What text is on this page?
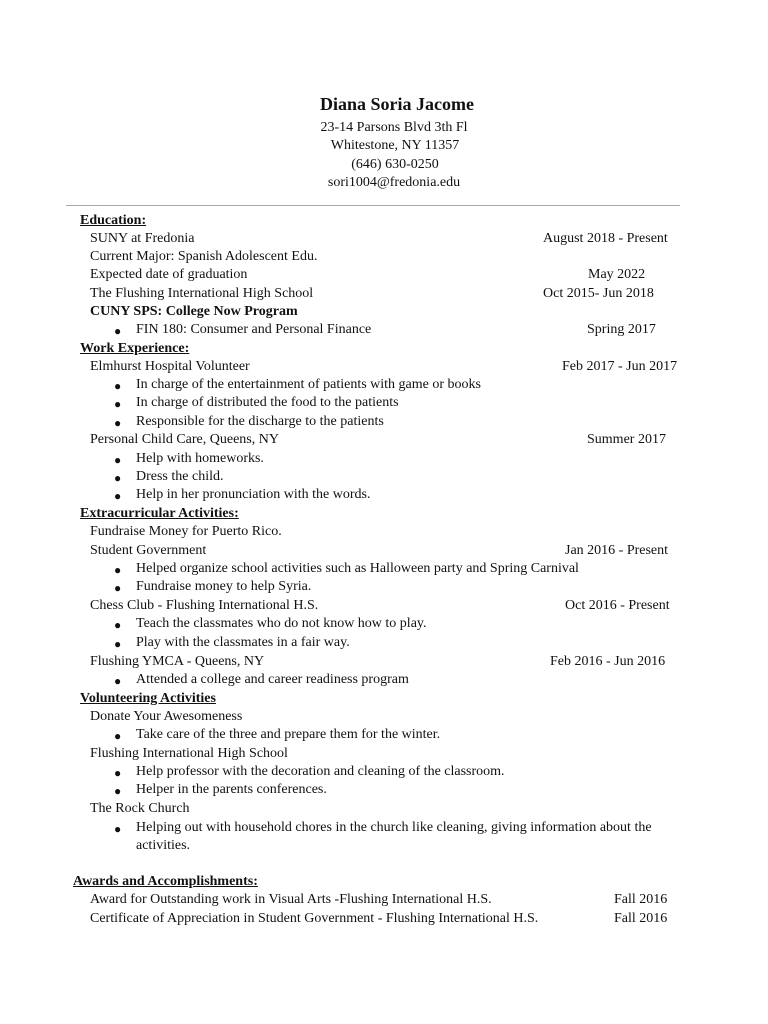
Diana Soria Jacome
23-14 Parsons Blvd 3th Fl
Whitestone, NY 11357
(646) 630-0250
sori1004@fredonia.edu
Education:
SUNY at Fredonia	August 2018 - Present
Current Major: Spanish Adolescent Edu.
Expected date of graduation	May 2022
The Flushing International High School	Oct 2015- Jun 2018
CUNY SPS: College Now Program
● FIN 180: Consumer and Personal Finance	Spring 2017
Work Experience:
Elmhurst Hospital Volunteer	Feb 2017 - Jun 2017
● In charge of the entertainment of patients with game or books
● In charge of distributed the food to the patients
● Responsible for the discharge to the patients
Personal Child Care, Queens, NY	Summer 2017
● Help with homeworks.
● Dress the child.
● Help in her pronunciation with the words.
Extracurricular Activities:
Fundraise Money for Puerto Rico.
Student Government	Jan 2016 - Present
● Helped organize school activities such as Halloween party and Spring Carnival
● Fundraise money to help Syria.
Chess Club - Flushing International H.S.	Oct 2016 - Present
● Teach the classmates who do not know how to play.
● Play with the classmates in a fair way.
Flushing YMCA - Queens, NY	Feb 2016 - Jun 2016
● Attended a college and career readiness program
Volunteering Activities
Donate Your Awesomeness
● Take care of the three and prepare them for the winter.
Flushing International High School
● Help professor with the decoration and cleaning of the classroom.
● Helper in the parents conferences.
The Rock Church
● Helping out with household chores in the church like cleaning, giving information about the
activities.
Awards and Accomplishments:
Award for Outstanding work in Visual Arts -Flushing International H.S.	Fall 2016
Certificate of Appreciation in Student Government - Flushing International H.S.	Fall 2016
